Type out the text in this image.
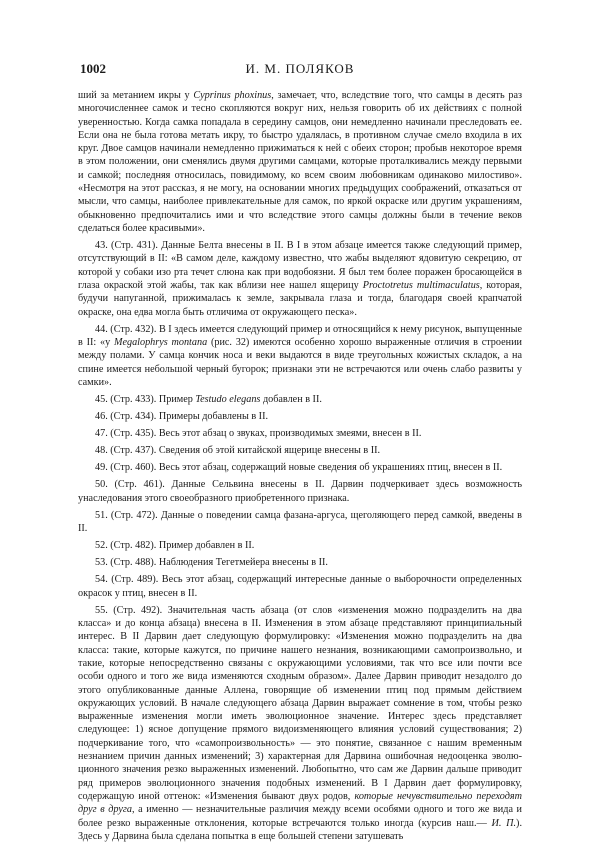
1002	И. М. ПОЛЯКОВ

ший за метанием икры у Cyprinus phoxinus, замечает, что, вследствие того, что самцы в десять раз многочисленнее самок и тесно скопляются вокруг них, нельзя говорить об их действиях с полной уверенностью. Когда самка попадала в середину самцов, они немедленно начинали преследовать ее. Если она не была готова метать икру, то быстро удалялась, в противном случае смело входила в их круг. Двое самцов начинали немедленно прижиматься к ней с обеих сторон; пробыв некоторое время в этом положении, они сменялись двумя другими самцами, которые проталкивались между первыми и самкой; последняя относилась, повидимому, ко всем своим любовникам одинаково милостиво». «Несмотря на этот рассказ, я не могу, на основании многих предыдущих соображений, отказаться от мысли, что самцы, наиболее привлекательные для самок, по яркой окраске или другим украшениям, обыкновенно предпочитались ими и что вследствие этого самцы должны были в течение веков сделаться более красивыми».

43. (Стр. 431). Данные Белта внесены в II. В I в этом абзаце имеется также следующий пример, отсутствующий в II: «В самом деле, каждому известно, что жабы выделяют ядовитую секрецию, от которой у собаки изо рта течет слюна как при водобоязни. Я был тем более поражен бросающейся в глаза окраской этой жабы, так как вблизи нее нашел ящерицу Proctotretus multimaculatus, которая, будучи напуганной, прижималась к земле, закрывала глаза и тогда, благодаря своей крапчатой окраске, она едва могла быть отличима от окружающего песка».

44. (Стр. 432). В I здесь имеется следующий пример и относящийся к нему рисунок, выпущенные в II: «у Megalophrys montana (рис. 32) имеются особенно хорошо выраженные отличия в строении между полами. У самца кончик носа и веки выдаются в виде треугольных кожистых складок, а на спине имеется небольшой черный бугорок; признаки эти не встречаются или очень слабо развиты у самки».

45. (Стр. 433). Пример Testudo elegans добавлен в II.

46. (Стр. 434). Примеры добавлены в II.

47. (Стр. 435). Весь этот абзац о звуках, производимых змеями, внесен в II.

48. (Стр. 437). Сведения об этой китайской ящерице внесены в II.

49. (Стр. 460). Весь этот абзац, содержащий новые сведения об украшениях птиц, внесен в II.

50. (Стр. 461). Данные Сельвина внесены в II. Дарвин подчеркивает здесь возможность унаследования этого своеобразного приобретенного признака.

51. (Стр. 472). Данные о поведении самца фазана-аргуса, щеголяющего перед самкой, введены в II.

52. (Стр. 482). Пример добавлен в II.

53. (Стр. 488). Наблюдения Тегетмейера внесены в II.

54. (Стр. 489). Весь этот абзац, содержащий интересные данные о выборочности определенных окрасок у птиц, внесен в II.

55. (Стр. 492). Значительная часть абзаца (от слов «изменения можно подразделить на два класса» и до конца абзаца) внесена в II. Изменения в этом абзаце представляют принципиальный интерес. В II Дарвин дает следующую формулировку: «Изменения можно подразделить на два класса: такие, которые кажутся, по причине нашего незнания, возникающими самопроизвольно, и такие, которые непосредственно связаны с окружающими условиями, так что все или почти все особи одного и того же вида изменяются сходным образом». Далее Дарвин приводит незадолго до этого опубликованные данные Аллена, говорящие об изменении птиц под прямым действием окружающих условий. В начале следующего абзаца Дарвин выражает сомнение в том, чтобы резко выраженные изменения могли иметь эволюционное значение. Интерес здесь представляет следующее: 1) ясное допущение прямого видоизменяющего влияния условий существования; 2) подчеркивание того, что «самопроизвольность» — это понятие, связанное с нашим временным незнанием причин данных изменений; 3) характерная для Дарвина ошибочная недооценка эволюционного значения резко выраженных изменений. Любопытно, что сам же Дарвин дальше приводит ряд примеров эволюционного значения подобных изменений. В I Дарвин дает формулировку, содержащую иной оттенок: «Изменения бывают двух родов, которые нечувствительно переходят друг в друга, а именно — незначительные различия между всеми особями одного и того же вида и более резко выраженные отклонения, которые встречаются только иногда (курсив наш.— И. П.). Здесь у Дарвина была сделана попытка в еще большей степени затушевать
